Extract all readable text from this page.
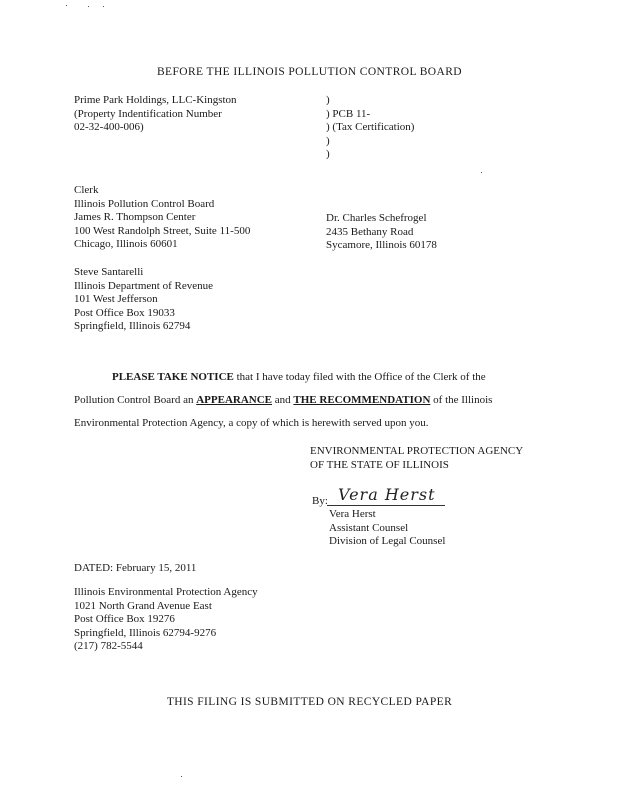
BEFORE THE ILLINOIS POLLUTION CONTROL BOARD
Prime Park Holdings, LLC-Kingston
(Property Indentification Number
02-32-400-006)
)
) PCB 11-
) (Tax Certification)
)
)
Clerk
Illinois Pollution Control Board
James R. Thompson Center
100 West Randolph Street, Suite 11-500
Chicago, Illinois 60601
Dr. Charles Schefrogel
2435 Bethany Road
Sycamore, Illinois 60178
Steve Santarelli
Illinois Department of Revenue
101 West Jefferson
Post Office Box 19033
Springfield, Illinois 62794
PLEASE TAKE NOTICE that I have today filed with the Office of the Clerk of the
Pollution Control Board an APPEARANCE and THE RECOMMENDATION of the Illinois
Environmental Protection Agency, a copy of which is herewith served upon you.
ENVIRONMENTAL PROTECTION AGENCY
OF THE STATE OF ILLINOIS
By: Vera Herst
Vera Herst
Assistant Counsel
Division of Legal Counsel
DATED: February 15, 2011
Illinois Environmental Protection Agency
1021 North Grand Avenue East
Post Office Box 19276
Springfield, Illinois 62794-9276
(217) 782-5544
THIS FILING IS SUBMITTED ON RECYCLED PAPER
